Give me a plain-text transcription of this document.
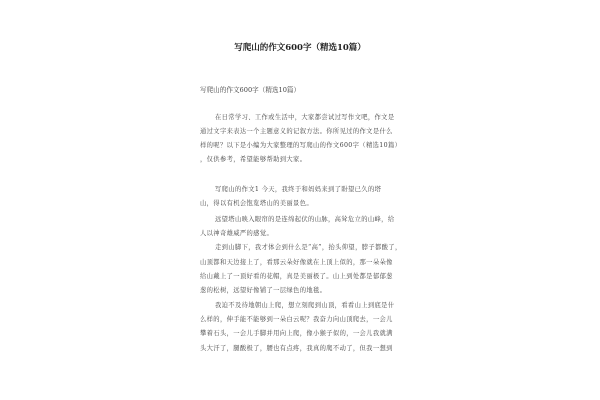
写爬山的作文600字（精选10篇）
写爬山的作文600字（精选10篇）
在日常学习、工作或生活中，大家都尝试过写作文吧，作文是
通过文字来表达一个主题意义的记叙方法。你所见过的作文是什么
样的呢？以下是小编为大家整理的写爬山的作文600字（精选10篇）
，仅供参考，希望能够帮助到大家。
写爬山的作文1 今天，我终于和妈妈来到了盼望已久的塔
山，得以有机会饱览塔山的美丽景色。
远望塔山映入眼帘的是连绵起伏的山脉，高耸危立的山峰，给
人以神奇雄威严的感觉。
走到山脚下，我才体会到什么是“高”，抬头仰望，脖子都酸了，
山顶都和天边接上了，看那云朵好像就在上顶上似的，那一朵朵像
给山戴上了一顶好看的花帽，真是美丽极了。山上到处都是郁郁葱
葱的松树，远望好像铺了一层绿色的地毯。
我迫不及待地朝山上爬，想立刻爬到山顶，看看山上到底是什
么样的，伸手能不能够到一朵白云呢？我奋力向山顶爬去，一会儿
攀着石头，一会儿手脚并用向上爬，像小猴子似的，一会儿我就满
头大汗了，腿酸极了，腰也有点疼，我真的爬不动了，但我一想到
